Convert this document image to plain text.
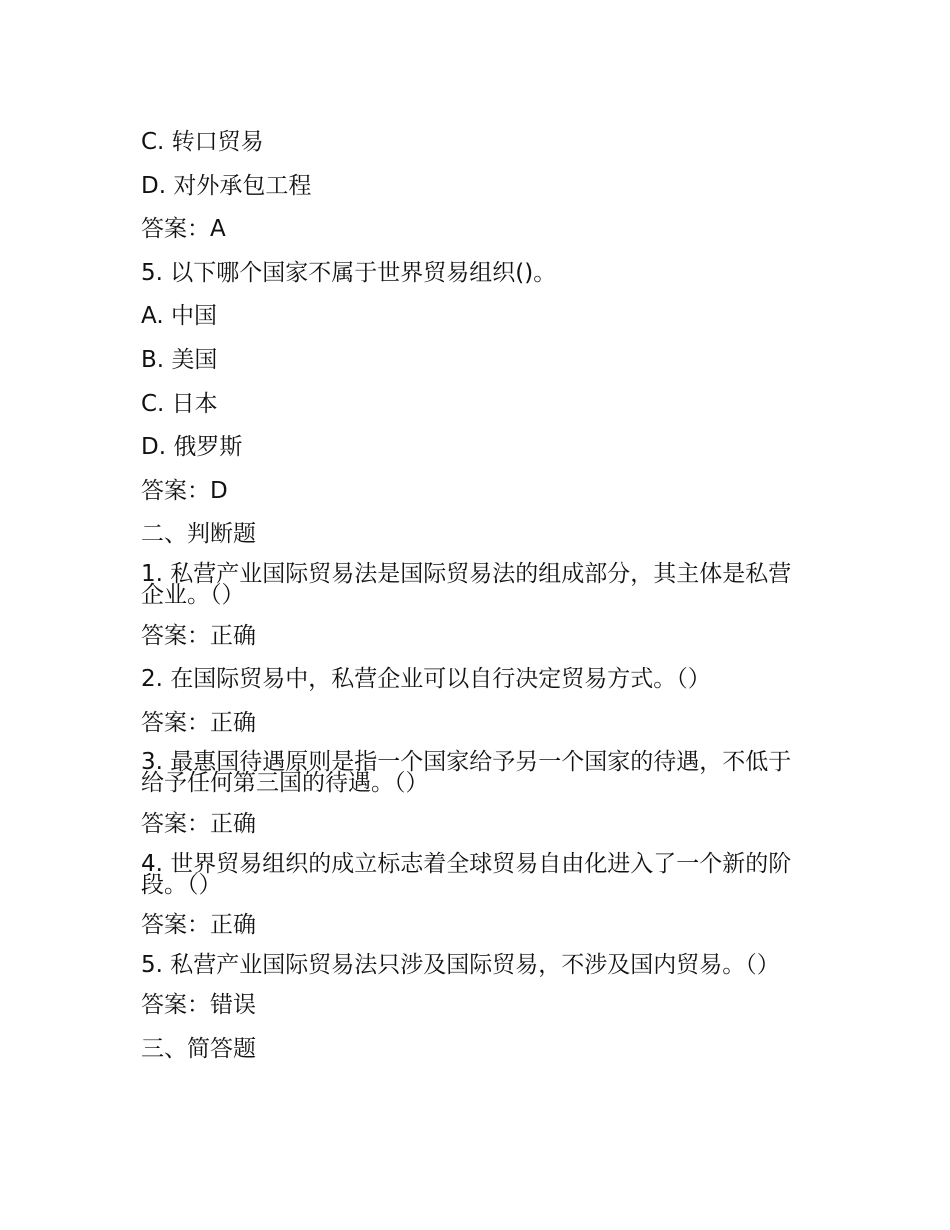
C. 转口贸易

D. 对外承包工程

答案：A

5. 以下哪个国家不属于世界贸易组织()。

A. 中国

B. 美国

C. 日本

D. 俄罗斯

答案：D

二、判断题

1. 私营产业国际贸易法是国际贸易法的组成部分，其主体是私营企业。（）

答案：正确

2. 在国际贸易中，私营企业可以自行决定贸易方式。（）

答案：正确

3. 最惠国待遇原则是指一个国家给予另一个国家的待遇，不低于给予任何第三国的待遇。（）

答案：正确

4. 世界贸易组织的成立标志着全球贸易自由化进入了一个新的阶段。（）

答案：正确

5. 私营产业国际贸易法只涉及国际贸易，不涉及国内贸易。（）

答案：错误

三、简答题
